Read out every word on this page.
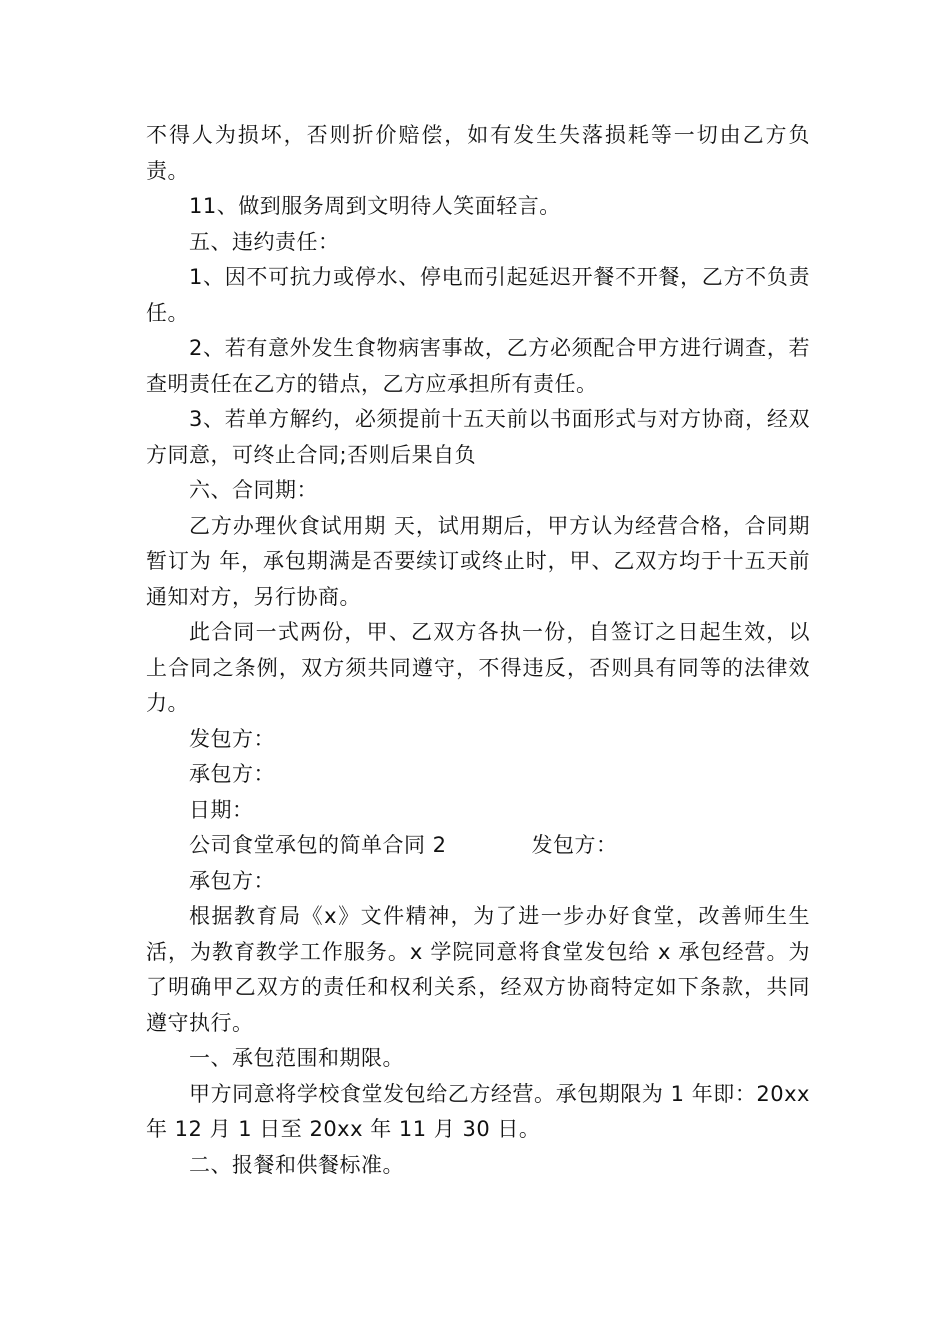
不得人为损坏，否则折价赔偿，如有发生失落损耗等一切由乙方负责。

11、做到服务周到文明待人笑面轻言。

五、违约责任：

1、因不可抗力或停水、停电而引起延迟开餐不开餐，乙方不负责任。

2、若有意外发生食物病害事故，乙方必须配合甲方进行调查，若查明责任在乙方的错点，乙方应承担所有责任。

3、若单方解约，必须提前十五天前以书面形式与对方协商，经双方同意，可终止合同;否则后果自负

六、合同期：

乙方办理伙食试用期 天，试用期后，甲方认为经营合格，合同期暂订为 年，承包期满是否要续订或终止时，甲、乙双方均于十五天前通知对方，另行协商。

此合同一式两份，甲、乙双方各执一份，自签订之日起生效，以上合同之条例，双方须共同遵守，不得违反，否则具有同等的法律效力。

发包方：

承包方：

日期：

公司食堂承包的简单合同 2	发包方：

承包方：

根据教育局《x》文件精神，为了进一步办好食堂，改善师生生活，为教育教学工作服务。x 学院同意将食堂发包给 x 承包经营。为了明确甲乙双方的责任和权利关系，经双方协商特定如下条款，共同遵守执行。

一、承包范围和期限。

甲方同意将学校食堂发包给乙方经营。承包期限为 1 年即：20xx 年 12 月 1 日至 20xx 年 11 月 30 日。

二、报餐和供餐标准。
